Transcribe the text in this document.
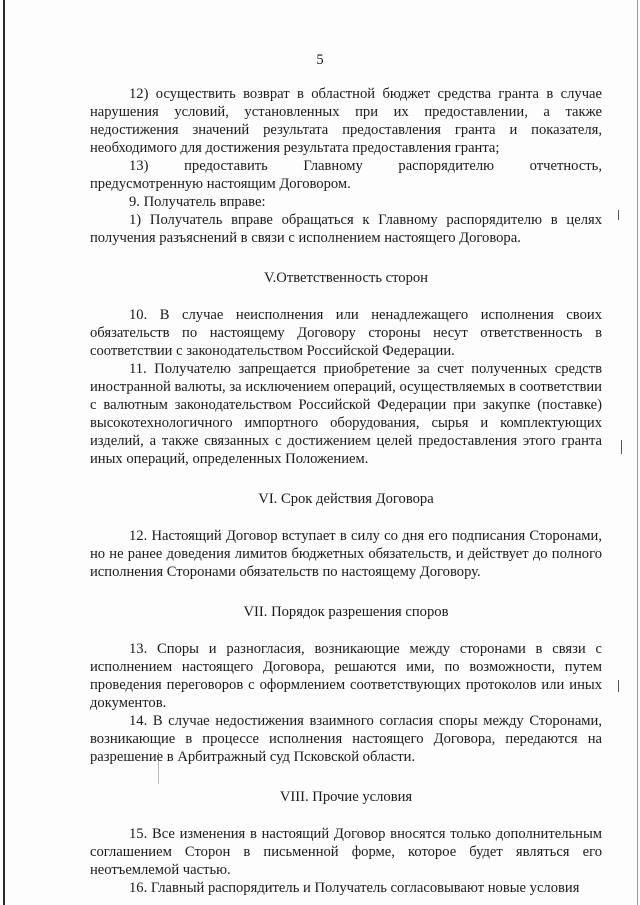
5

12) осуществить возврат в областной бюджет средства гранта в случае нарушения условий, установленных при их предоставлении, а также недостижения значений результата предоставления гранта и показателя, необходимого для достижения результата предоставления гранта;

13) предоставить Главному распорядителю отчетность,

предусмотренную настоящим Договором.

9. Получатель вправе:

1) Получатель вправе обращаться к Главному распорядителю в целях получения разъяснений в связи с исполнением настоящего Договора.

V.Ответственность сторон

10. В случае неисполнения или ненадлежащего исполнения своих обязательств по настоящему Договору стороны несут ответственность в соответствии с законодательством Российской Федерации.

11. Получателю запрещается приобретение за счет полученных средств иностранной валюты, за исключением операций, осуществляемых в соответствии с валютным законодательством Российской Федерации при закупке (поставке) высокотехнологичного импортного оборудования, сырья и комплектующих изделий, а также связанных с достижением целей предоставления этого гранта иных операций, определенных Положением.

VI. Срок действия Договора

12. Настоящий Договор вступает в силу со дня его подписания Сторонами, но не ранее доведения лимитов бюджетных обязательств, и действует до полного исполнения Сторонами обязательств по настоящему Договору.

VII. Порядок разрешения споров

13. Споры и разногласия, возникающие между сторонами в связи с исполнением настоящего Договора, решаются ими, по возможности, путем проведения переговоров с оформлением соответствующих протоколов или иных документов.

14. В случае недостижения взаимного согласия споры между Сторонами, возникающие в процессе исполнения настоящего Договора, передаются на разрешение в Арбитражный суд Псковской области.

VIII. Прочие условия

15. Все изменения в настоящий Договор вносятся только дополнительным соглашением Сторон в письменной форме, которое будет являться его неотъемлемой частью.

16. Главный распорядитель и Получатель согласовывают новые условия
